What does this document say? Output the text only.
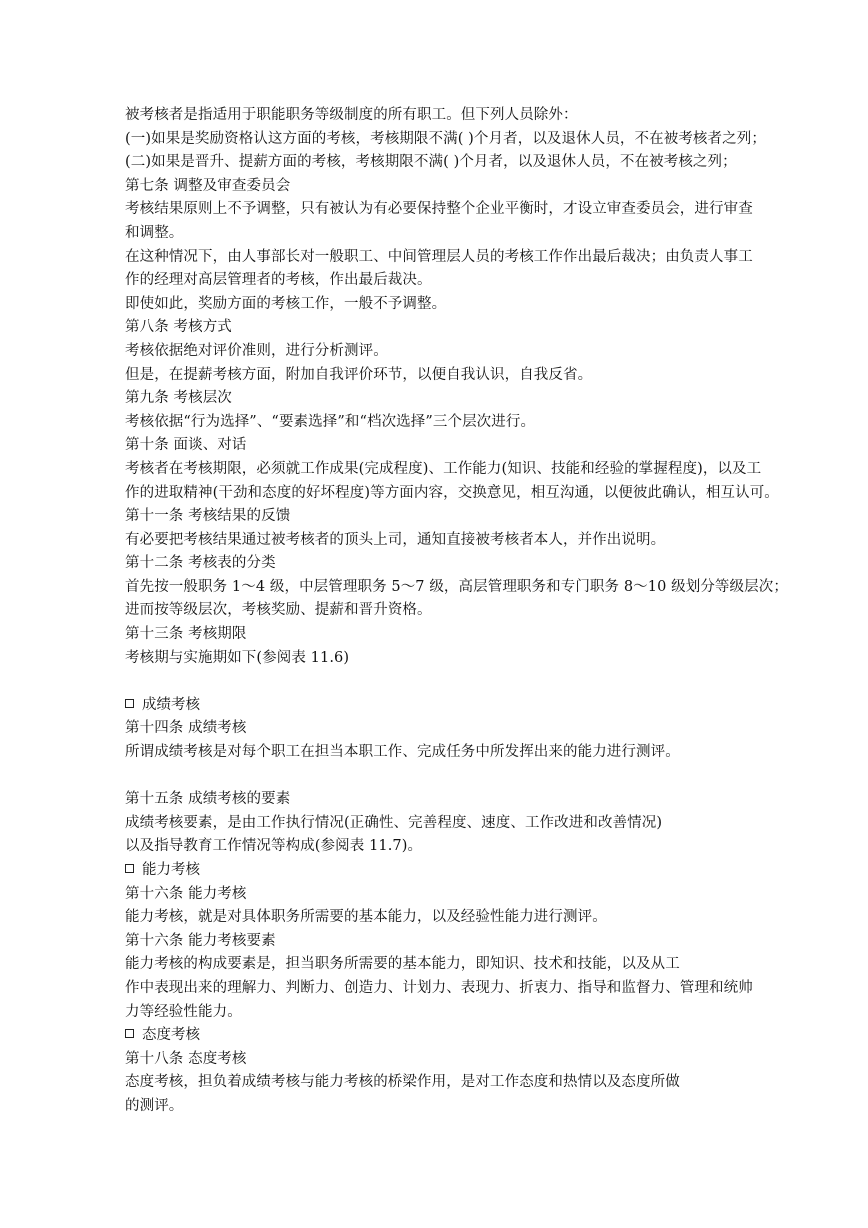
被考核者是指适用于职能职务等级制度的所有职工。但下列人员除外：
(一)如果是奖励资格认这方面的考核，考核期限不满( )个月者，以及退休人员，不在被考核者之列；
(二)如果是晋升、提薪方面的考核，考核期限不满( )个月者，以及退休人员，不在被考核之列；
第七条 调整及审查委员会
考核结果原则上不予调整，只有被认为有必要保持整个企业平衡时，才设立审查委员会，进行审查
和调整。
在这种情况下，由人事部长对一般职工、中间管理层人员的考核工作作出最后裁决；由负责人事工
作的经理对高层管理者的考核，作出最后裁决。
即使如此，奖励方面的考核工作，一般不予调整。
第八条 考核方式
考核依据绝对评价准则，进行分析测评。
但是，在提薪考核方面，附加自我评价环节，以便自我认识，自我反省。
第九条 考核层次
考核依据“行为选择”、“要素选择”和“档次选择”三个层次进行。
第十条 面谈、对话
考核者在考核期限，必须就工作成果(完成程度)、工作能力(知识、技能和经验的掌握程度)，以及工
作的进取精神(干劲和态度的好坏程度)等方面内容，交换意见，相互沟通，以便彼此确认，相互认可。
第十一条 考核结果的反馈
有必要把考核结果通过被考核者的顶头上司，通知直接被考核者本人，并作出说明。
第十二条 考核表的分类
首先按一般职务 1～4 级，中层管理职务 5～7 级，高层管理职务和专门职务 8～10 级划分等级层次；
进而按等级层次，考核奖励、提薪和晋升资格。
第十三条 考核期限
考核期与实施期如下(参阅表 11.6)
成绩考核
第十四条 成绩考核
所谓成绩考核是对每个职工在担当本职工作、完成任务中所发挥出来的能力进行测评。
第十五条 成绩考核的要素
成绩考核要素，是由工作执行情况(正确性、完善程度、速度、工作改进和改善情况)
以及指导教育工作情况等构成(参阅表 11.7)。
能力考核
第十六条 能力考核
能力考核，就是对具体职务所需要的基本能力，以及经验性能力进行测评。
第十六条 能力考核要素
能力考核的构成要素是，担当职务所需要的基本能力，即知识、技术和技能，以及从工
作中表现出来的理解力、判断力、创造力、计划力、表现力、折衷力、指导和监督力、管理和统帅
力等经验性能力。
态度考核
第十八条 态度考核
态度考核，担负着成绩考核与能力考核的桥梁作用，是对工作态度和热情以及态度所做
的测评。
